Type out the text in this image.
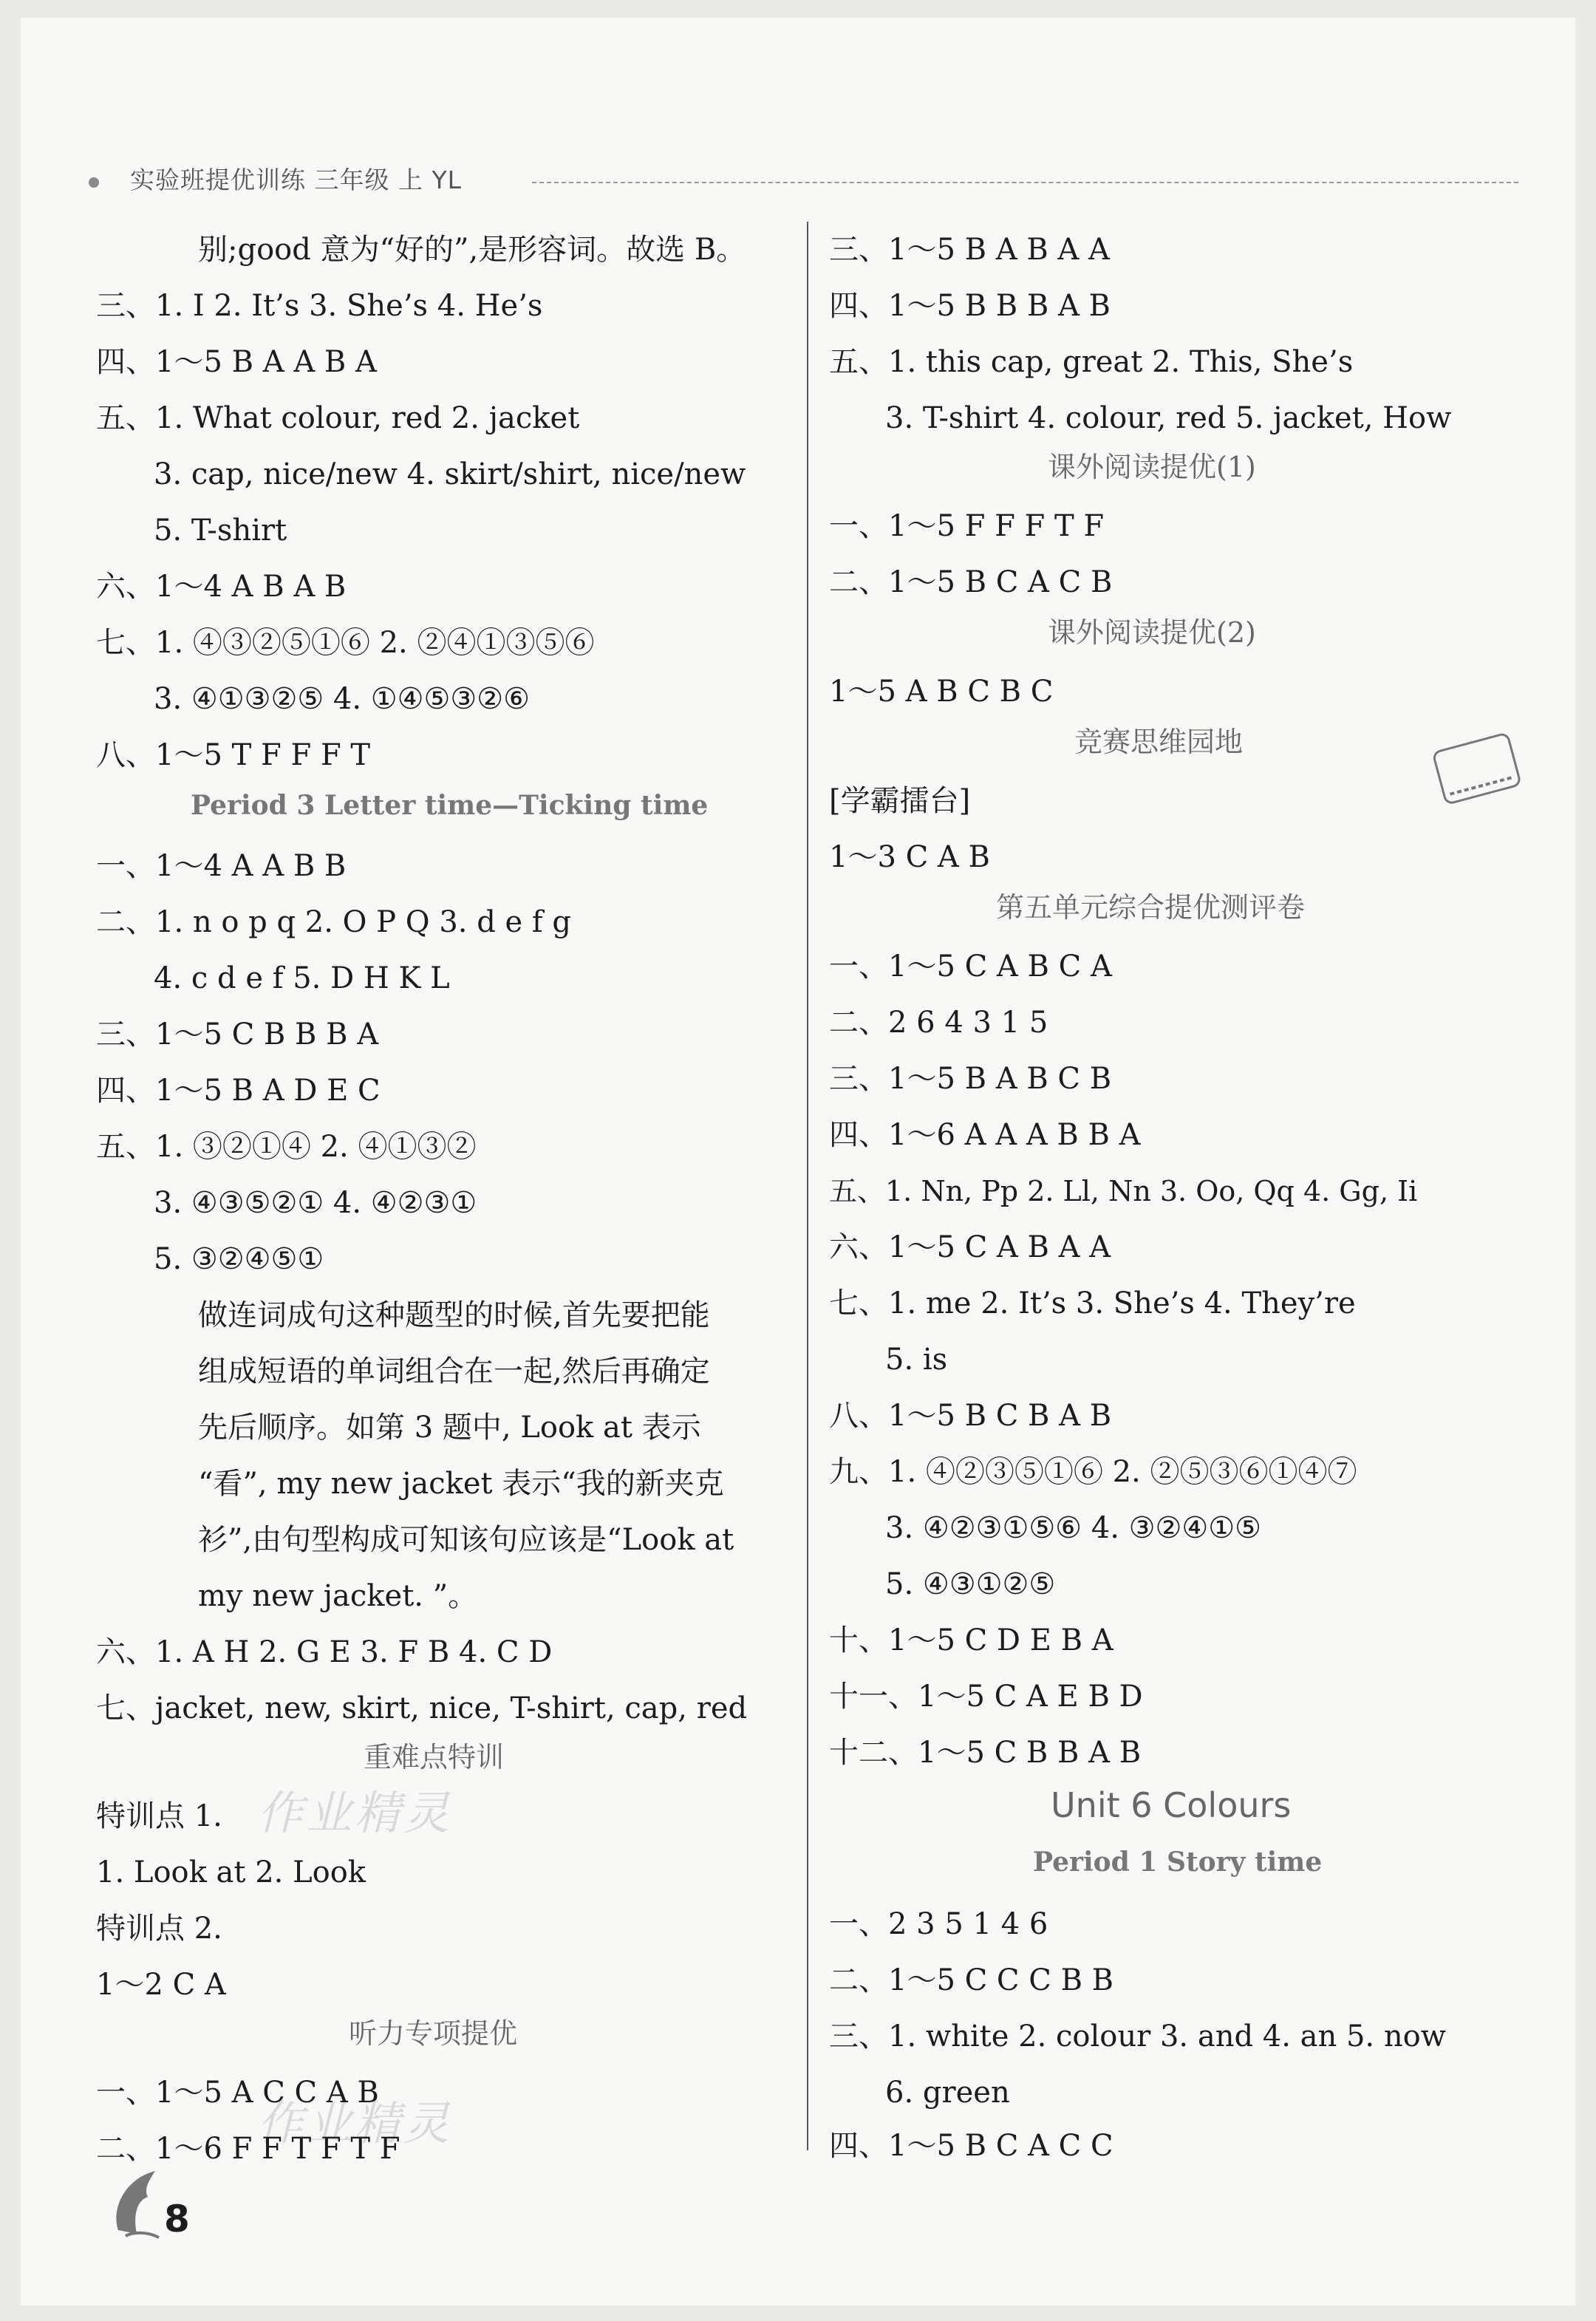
实验班提优训练 三年级 上 YL
作业精灵
作业精灵
别;good 意为“好的”,是形容词。故选 B。
三、1. I 2. It’s 3. She’s 4. He’s
四、1～5 B A A B A
五、1. What colour, red 2. jacket
3. cap, nice/new 4. skirt/shirt, nice/new
5. T-shirt
六、1～4 A B A B
七、1. ④③②⑤①⑥ 2. ②④①③⑤⑥
3. ④①③②⑤ 4. ①④⑤③②⑥
八、1～5 T F F F T
Period 3 Letter time—Ticking time
一、1～4 A A B B
二、1. n o p q 2. O P Q 3. d e f g
4. c d e f 5. D H K L
三、1～5 C B B B A
四、1～5 B A D E C
五、1. ③②①④ 2. ④①③②
3. ④③⑤②① 4. ④②③①
5. ③②④⑤①
做连词成句这种题型的时候,首先要把能
组成短语的单词组合在一起,然后再确定
先后顺序。如第 3 题中, Look at 表示
“看”, my new jacket 表示“我的新夹克
衫”,由句型构成可知该句应该是“Look at
my new jacket. ”。
六、1. A H 2. G E 3. F B 4. C D
七、jacket, new, skirt, nice, T-shirt, cap, red
重难点特训
特训点 1.
1. Look at 2. Look
特训点 2.
1～2 C A
听力专项提优
一、1～5 A C C A B
二、1～6 F F T F T F
三、1～5 B A B A A
四、1～5 B B B A B
五、1. this cap, great 2. This, She’s
3. T-shirt 4. colour, red 5. jacket, How
课外阅读提优(1)
一、1～5 F F F T F
二、1～5 B C A C B
课外阅读提优(2)
1～5 A B C B C
竞赛思维园地
[学霸擂台]
1～3 C A B
第五单元综合提优测评卷
一、1～5 C A B C A
二、2 6 4 3 1 5
三、1～5 B A B C B
四、1～6 A A A B B A
五、1. Nn, Pp 2. Ll, Nn 3. Oo, Qq 4. Gg, Ii
六、1～5 C A B A A
七、1. me 2. It’s 3. She’s 4. They’re
5. is
八、1～5 B C B A B
九、1. ④②③⑤①⑥ 2. ②⑤③⑥①④⑦
3. ④②③①⑤⑥ 4. ③②④①⑤
5. ④③①②⑤
十、1～5 C D E B A
十一、1～5 C A E B D
十二、1～5 C B B A B
Unit 6 Colours
Period 1 Story time
一、2 3 5 1 4 6
二、1～5 C C C B B
三、1. white 2. colour 3. and 4. an 5. now
6. green
四、1～5 B C A C C
8
